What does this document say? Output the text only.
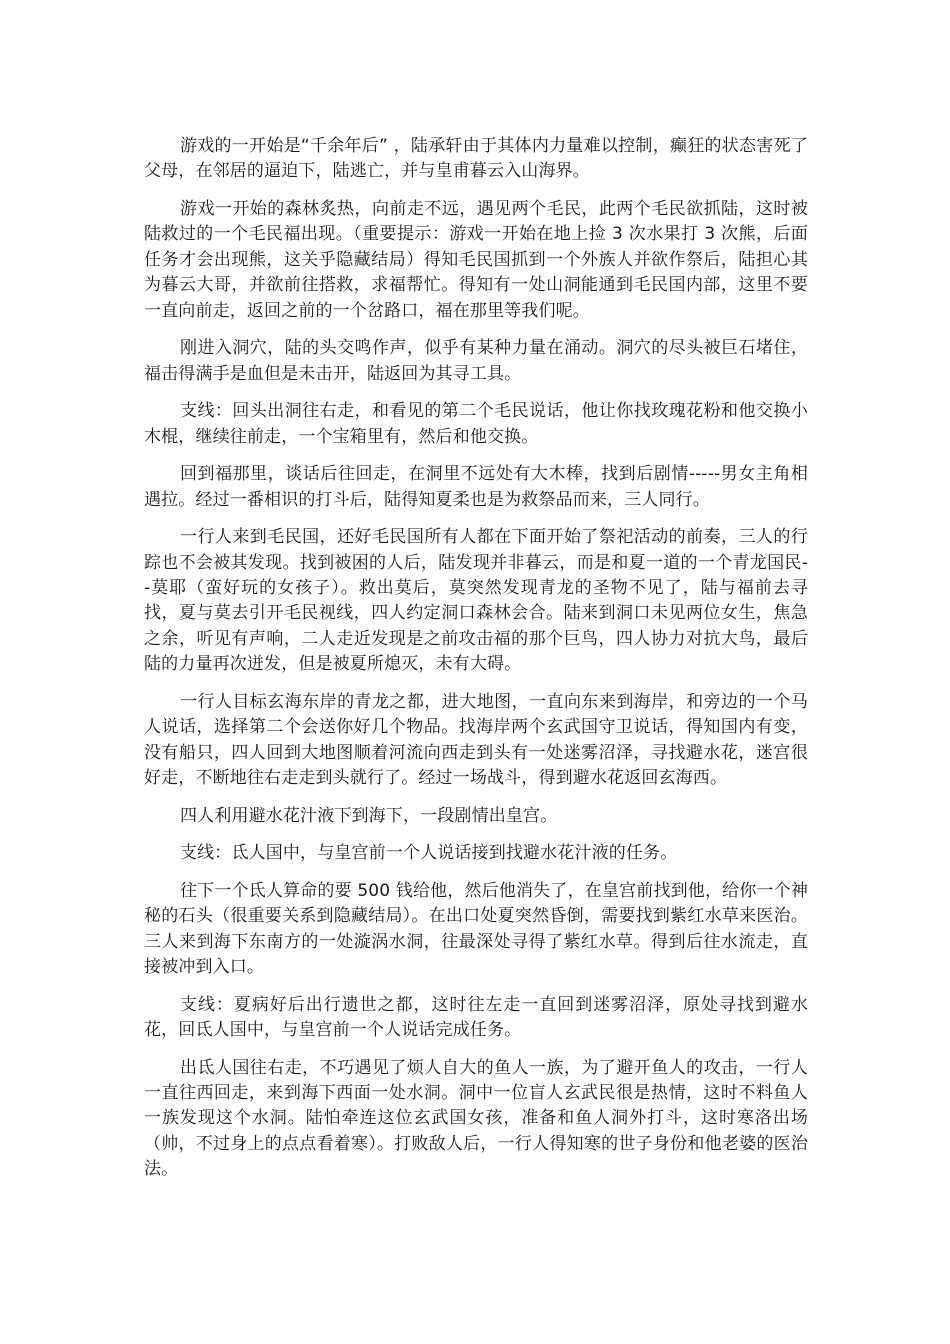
游戏的一开始是“千余年后” ，陆承轩由于其体内力量难以控制，癫狂的状态害死了父母，在邻居的逼迫下，陆逃亡，并与皇甫暮云入山海界。

游戏一开始的森林炙热，向前走不远，遇见两个毛民，此两个毛民欲抓陆，这时被陆救过的一个毛民福出现。（重要提示：游戏一开始在地上捡 3 次水果打 3 次熊，后面任务才会出现熊，这关乎隐藏结局）得知毛民国抓到一个外族人并欲作祭后，陆担心其为暮云大哥，并欲前往搭救，求福帮忙。得知有一处山洞能通到毛民国内部，这里不要一直向前走，返回之前的一个岔路口，福在那里等我们呢。

刚进入洞穴，陆的头交鸣作声，似乎有某种力量在涌动。洞穴的尽头被巨石堵住，福击得满手是血但是未击开，陆返回为其寻工具。

支线：回头出洞往右走，和看见的第二个毛民说话，他让你找玫瑰花粉和他交换小木棍，继续往前走，一个宝箱里有，然后和他交换。

回到福那里，谈话后往回走，在洞里不远处有大木棒，找到后剧情-----男女主角相遇拉。经过一番相识的打斗后，陆得知夏柔也是为救祭品而来，三人同行。

一行人来到毛民国，还好毛民国所有人都在下面开始了祭祀活动的前奏，三人的行踪也不会被其发现。找到被困的人后，陆发现并非暮云，而是和夏一道的一个青龙国民--莫耶（蛮好玩的女孩子）。救出莫后，莫突然发现青龙的圣物不见了，陆与福前去寻找，夏与莫去引开毛民视线，四人约定洞口森林会合。陆来到洞口未见两位女生，焦急之余，听见有声响，二人走近发现是之前攻击福的那个巨鸟，四人协力对抗大鸟，最后陆的力量再次迸发，但是被夏所熄灭，未有大碍。

一行人目标玄海东岸的青龙之都，进大地图，一直向东来到海岸，和旁边的一个马人说话，选择第二个会送你好几个物品。找海岸两个玄武国守卫说话，得知国内有变，没有船只，四人回到大地图顺着河流向西走到头有一处迷雾沼泽，寻找避水花，迷宫很好走，不断地往右走走到头就行了。经过一场战斗，得到避水花返回玄海西。

四人利用避水花汁液下到海下，一段剧情出皇宫。

支线：氐人国中，与皇宫前一个人说话接到找避水花汁液的任务。

往下一个氐人算命的要 500 钱给他，然后他消失了，在皇宫前找到他，给你一个神秘的石头（很重要关系到隐藏结局）。在出口处夏突然昏倒，需要找到紫红水草来医治。三人来到海下东南方的一处漩涡水洞，往最深处寻得了紫红水草。得到后往水流走，直接被冲到入口。

支线：夏病好后出行遗世之都，这时往左走一直回到迷雾沼泽，原处寻找到避水花，回氐人国中，与皇宫前一个人说话完成任务。

出氐人国往右走，不巧遇见了烦人自大的鱼人一族，为了避开鱼人的攻击，一行人一直往西回走，来到海下西面一处水洞。洞中一位盲人玄武民很是热情，这时不料鱼人一族发现这个水洞。陆怕牵连这位玄武国女孩，准备和鱼人洞外打斗，这时寒洛出场（帅，不过身上的点点看着寒）。打败敌人后，一行人得知寒的世子身份和他老婆的医治法。
